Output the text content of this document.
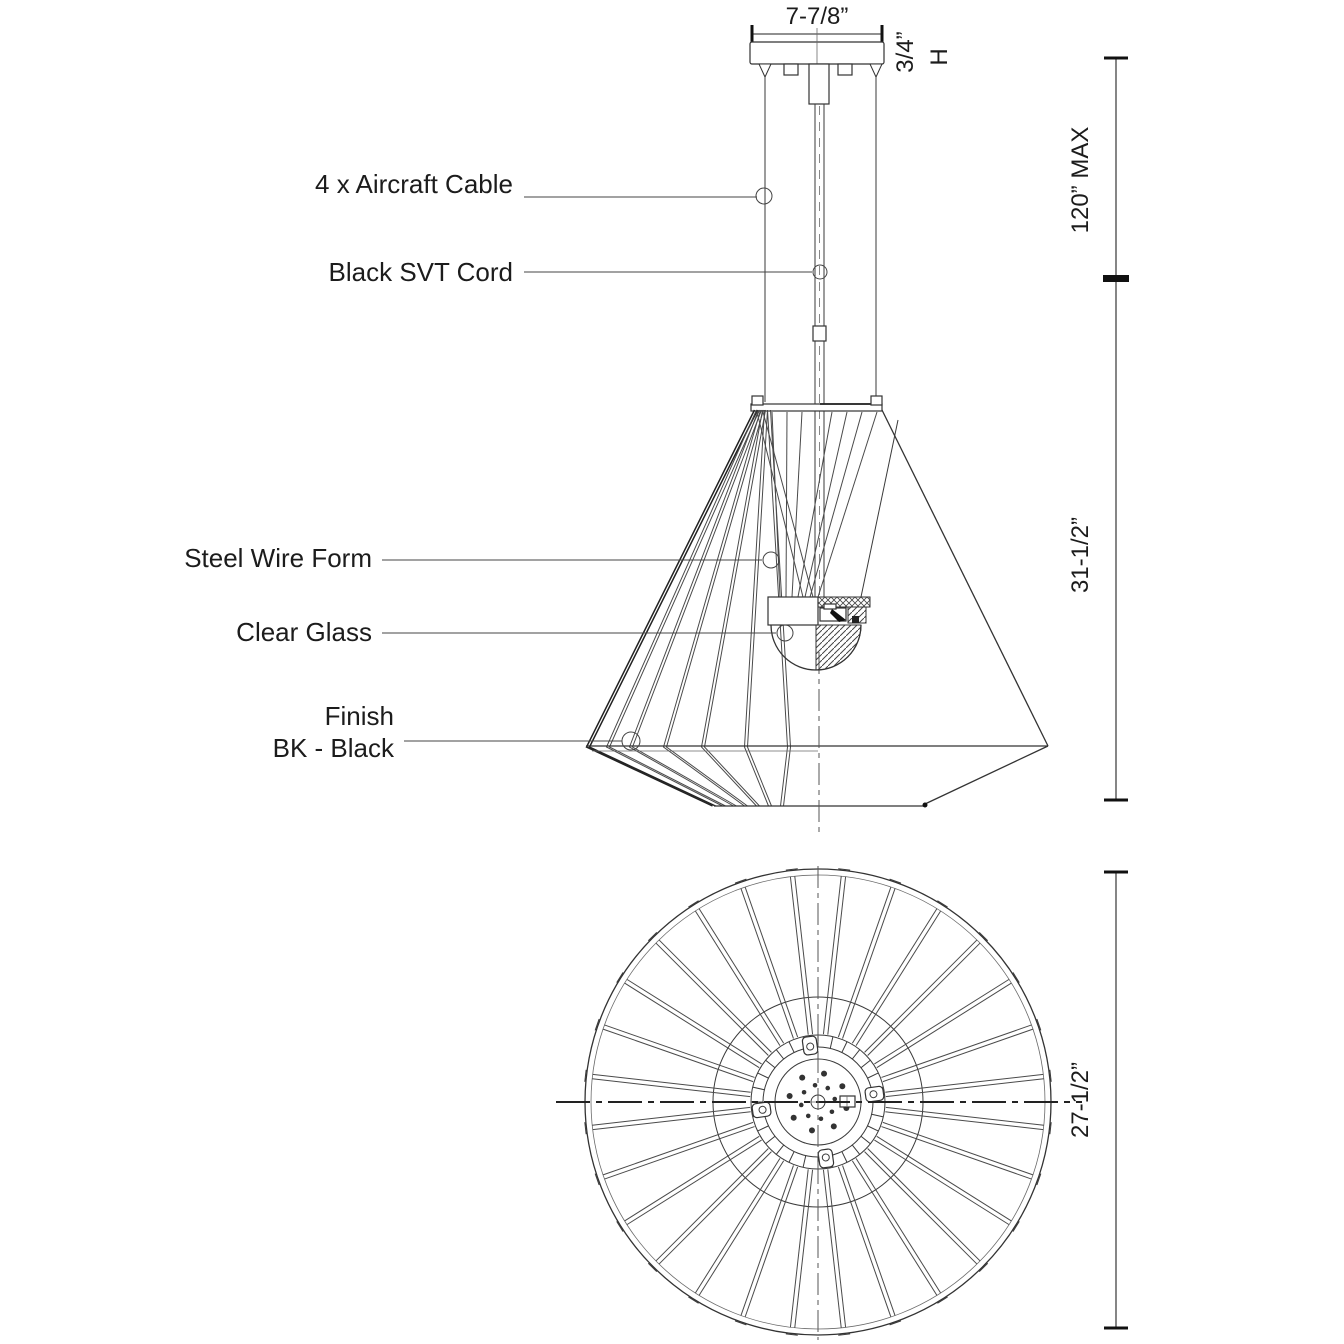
7-7/8”
3/4” H
4 x Aircraft Cable
Black SVT Cord
Steel Wire Form
Clear Glass
Finish
BK - Black
120” MAX
31-1/2”
27-1/2”
